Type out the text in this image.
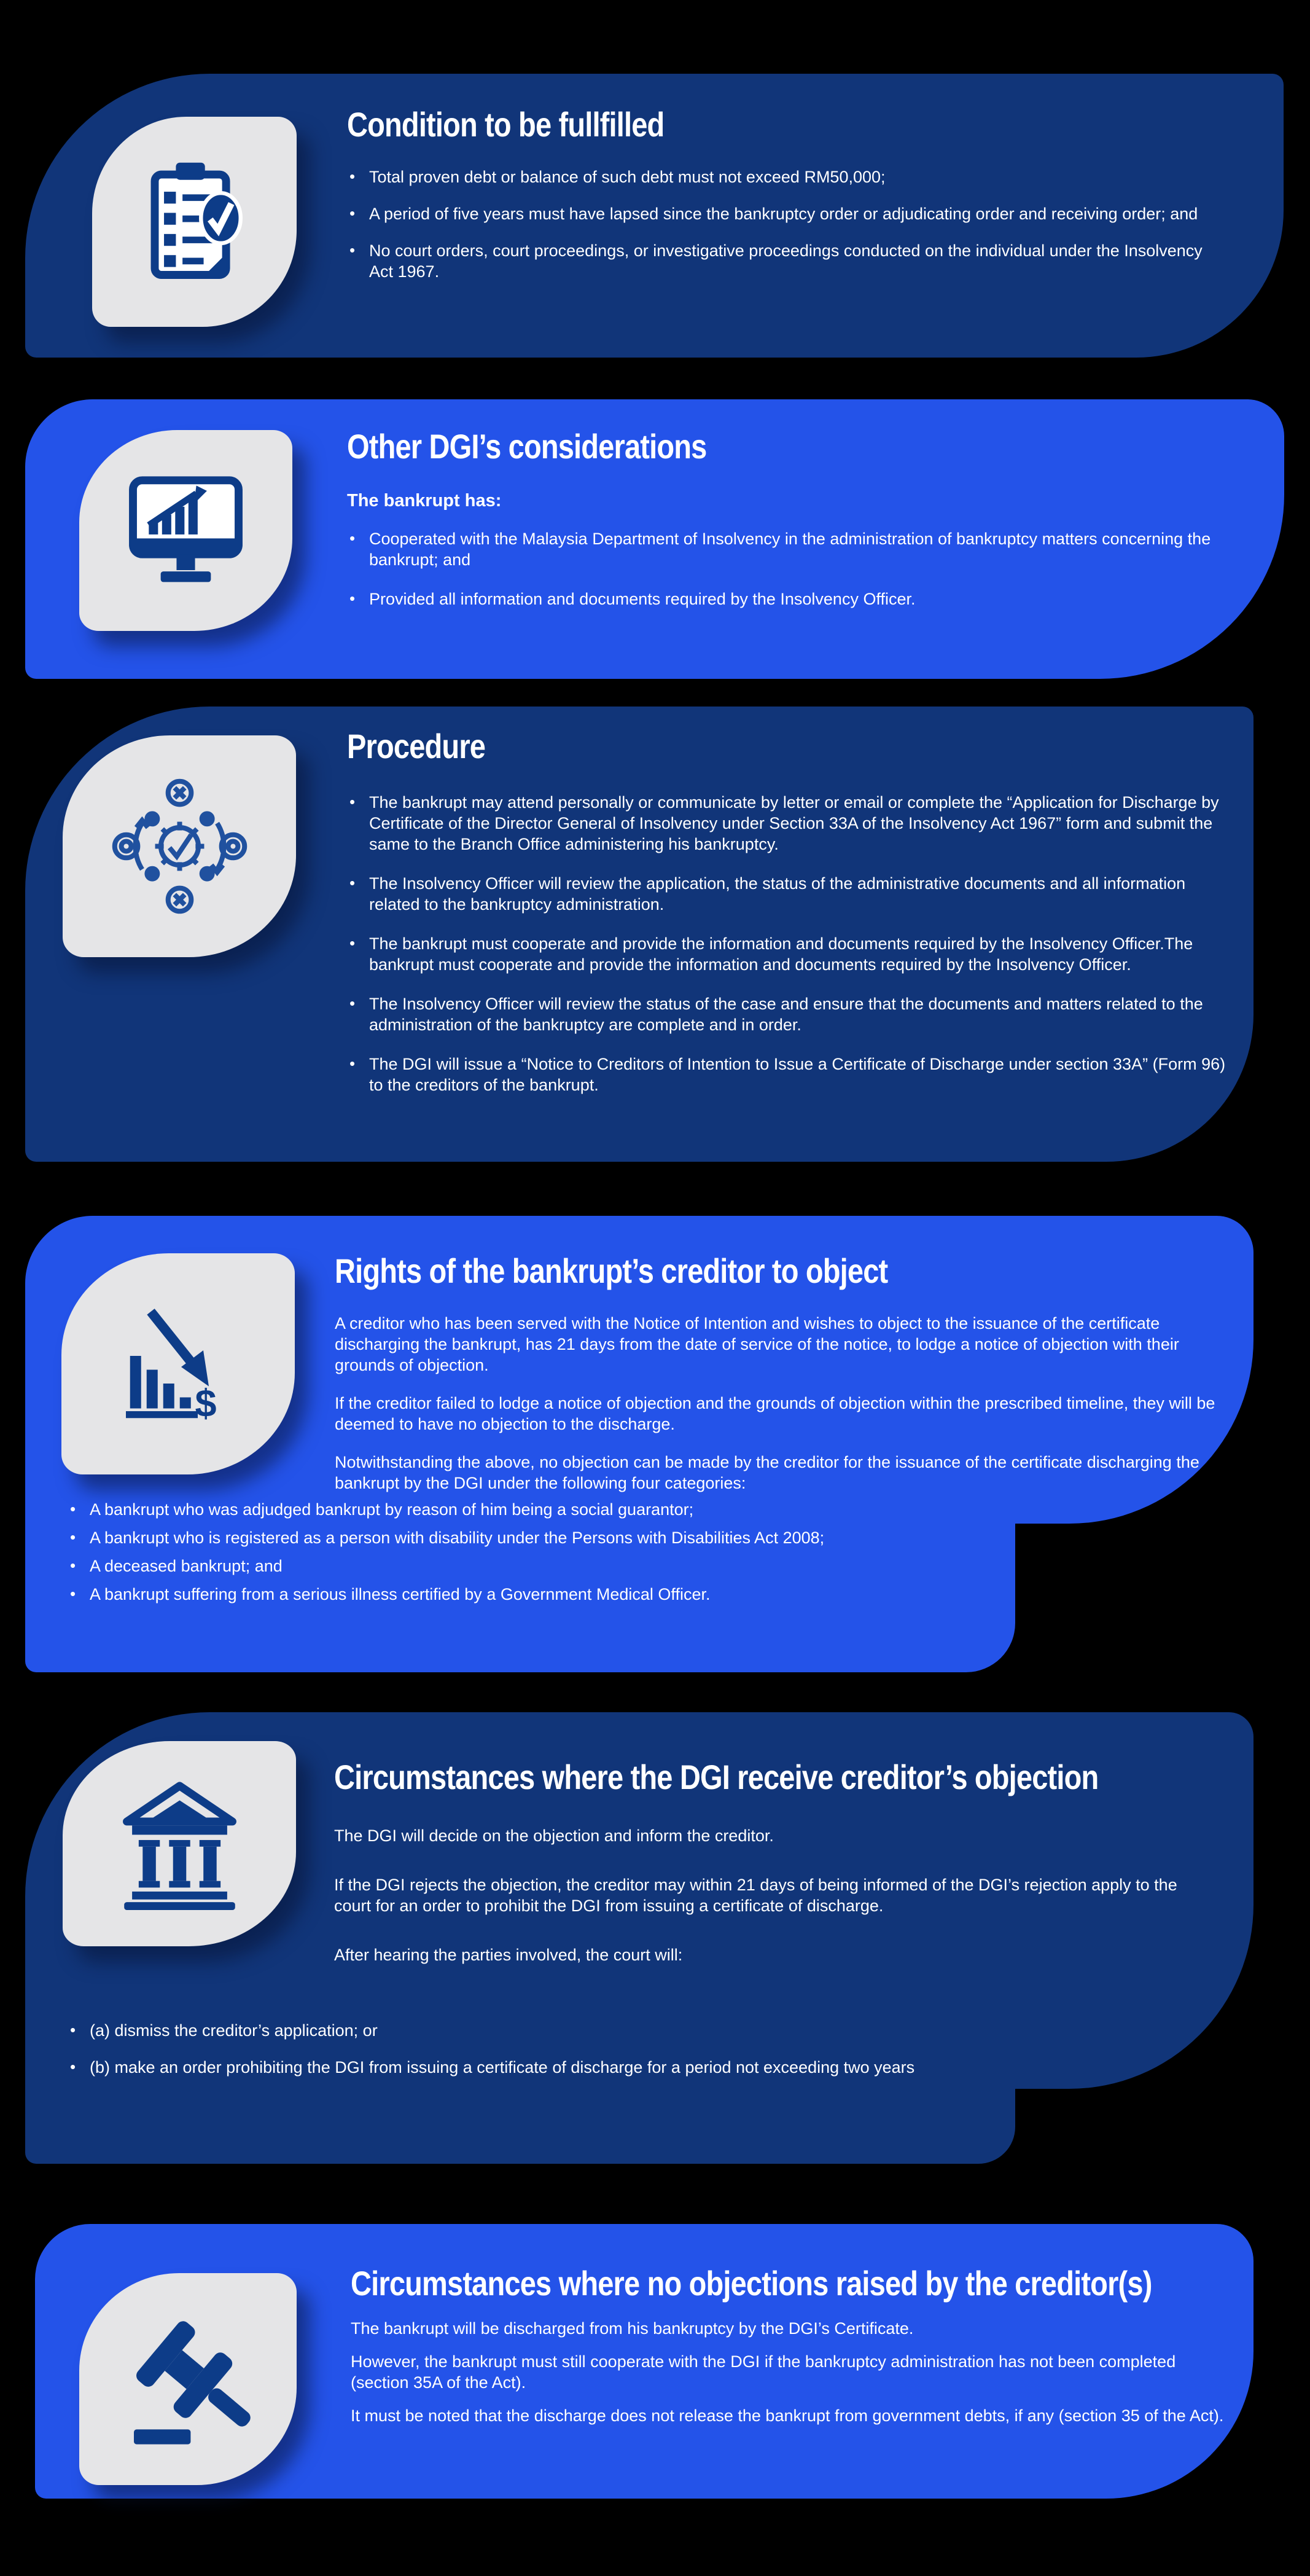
Condition to be fullfilled
• Total proven debt or balance of such debt must not exceed RM50,000;
• A period of five years must have lapsed since the bankruptcy order or adjudicating order and receiving order; and
• No court orders, court proceedings, or investigative proceedings conducted on the individual under the Insolvency Act 1967.
Other DGI’s considerations
The bankrupt has:
• Cooperated with the Malaysia Department of Insolvency in the administration of bankruptcy matters concerning the bankrupt; and
• Provided all information and documents required by the Insolvency Officer.
Procedure
• The bankrupt may attend personally or communicate by letter or email or complete the “Application for Discharge by Certificate of the Director General of Insolvency under Section 33A of the Insolvency Act 1967” form and submit the same to the Branch Office administering his bankruptcy.
• The Insolvency Officer will review the application, the status of the administrative documents and all information related to the bankruptcy administration.
• The bankrupt must cooperate and provide the information and documents required by the Insolvency Officer.The bankrupt must cooperate and provide the information and documents required by the Insolvency Officer.
• The Insolvency Officer will review the status of the case and ensure that the documents and matters related to the administration of the bankruptcy are complete and in order.
• The DGI will issue a “Notice to Creditors of Intention to Issue a Certificate of Discharge under section 33A” (Form 96) to the creditors of the bankrupt.
$
Rights of the bankrupt’s creditor to object

A creditor who has been served with the Notice of Intention and wishes to object to the issuance of the certificate discharging the bankrupt, has 21 days from the date of service of the notice, to lodge a notice of objection with their grounds of objection.

If the creditor failed to lodge a notice of objection and the grounds of objection within the prescribed timeline, they will be deemed to have no objection to the discharge.

Notwithstanding the above, no objection can be made by the creditor for the issuance of the certificate discharging the bankrupt by the DGI under the following four categories:

• A bankrupt who was adjudged bankrupt by reason of him being a social guarantor;
• A bankrupt who is registered as a person with disability under the Persons with Disabilities Act 2008;
• A deceased bankrupt; and
• A bankrupt suffering from a serious illness certified by a Government Medical Officer.
Circumstances where the DGI receive creditor’s objection

The DGI will decide on the objection and inform the creditor.

If the DGI rejects the objection, the creditor may within 21 days of being informed of the DGI’s rejection apply to the court for an order to prohibit the DGI from issuing a certificate of discharge.

After hearing the parties involved, the court will:

• (a) dismiss the creditor’s application; or
• (b) make an order prohibiting the DGI from issuing a certificate of discharge for a period not exceeding two years
Circumstances where no objections raised by the creditor(s)

The bankrupt will be discharged from his bankruptcy by the DGI’s Certificate.

However, the bankrupt must still cooperate with the DGI if the bankruptcy administration has not been completed (section 35A of the Act).

It must be noted that the discharge does not release the bankrupt from government debts, if any (section 35 of the Act).
